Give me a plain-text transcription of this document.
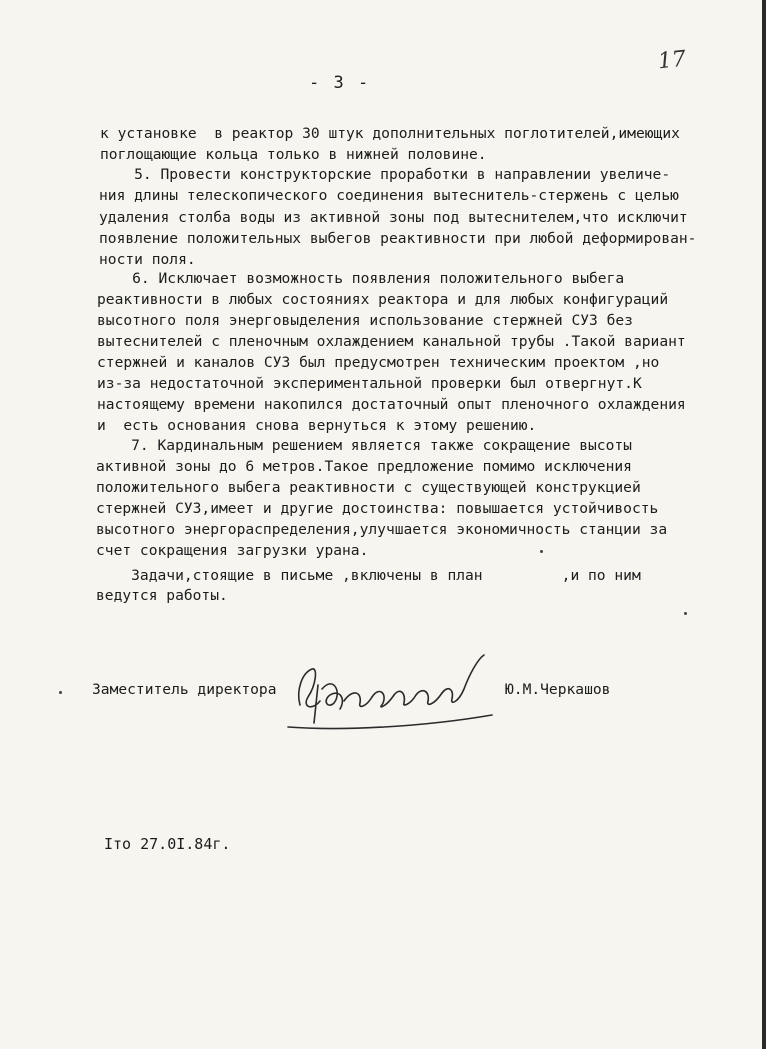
- 3 -
17
к установке  в реактор 30 штук дополнительных поглотителей,имеющих
поглощающие кольца только в нижней половине.
5. Провести конструкторские проработки в направлении увеличе-
ния длины телескопического соединения вытеснитель-стержень с целью
удаления столба воды из активной зоны под вытеснителем,что исключит
появление положительных выбегов реактивности при любой деформирован-
ности поля.
6. Исключает возможность появления положительного выбега
реактивности в любых состояниях реактора и для любых конфигураций
высотного поля энерговыделения использование стержней СУЗ без
вытеснителей с пленочным охлаждением канальной трубы .Такой вариант
стержней и каналов СУЗ был предусмотрен техническим проектом ,но
из-за недостаточной экспериментальной проверки был отвергнут.К
настоящему времени накопился достаточный опыт пленочного охлаждения
и  есть основания снова вернуться к этому решению.
7. Кардинальным решением является также сокращение высоты
активной зоны до 6 метров.Такое предложение помимо исключения
положительного выбега реактивности с существующей конструкцией
стержней СУЗ,имеет и другие достоинства: повышается устойчивость
высотного энергораспределения,улучшается экономичность станции за
счет сокращения загрузки урана.
Задачи,стоящие в письме ,включены в план         ,и по ним
ведутся работы.
Заместитель директора	Ю.М.Черкашов
Iто 27.0I.84г.
